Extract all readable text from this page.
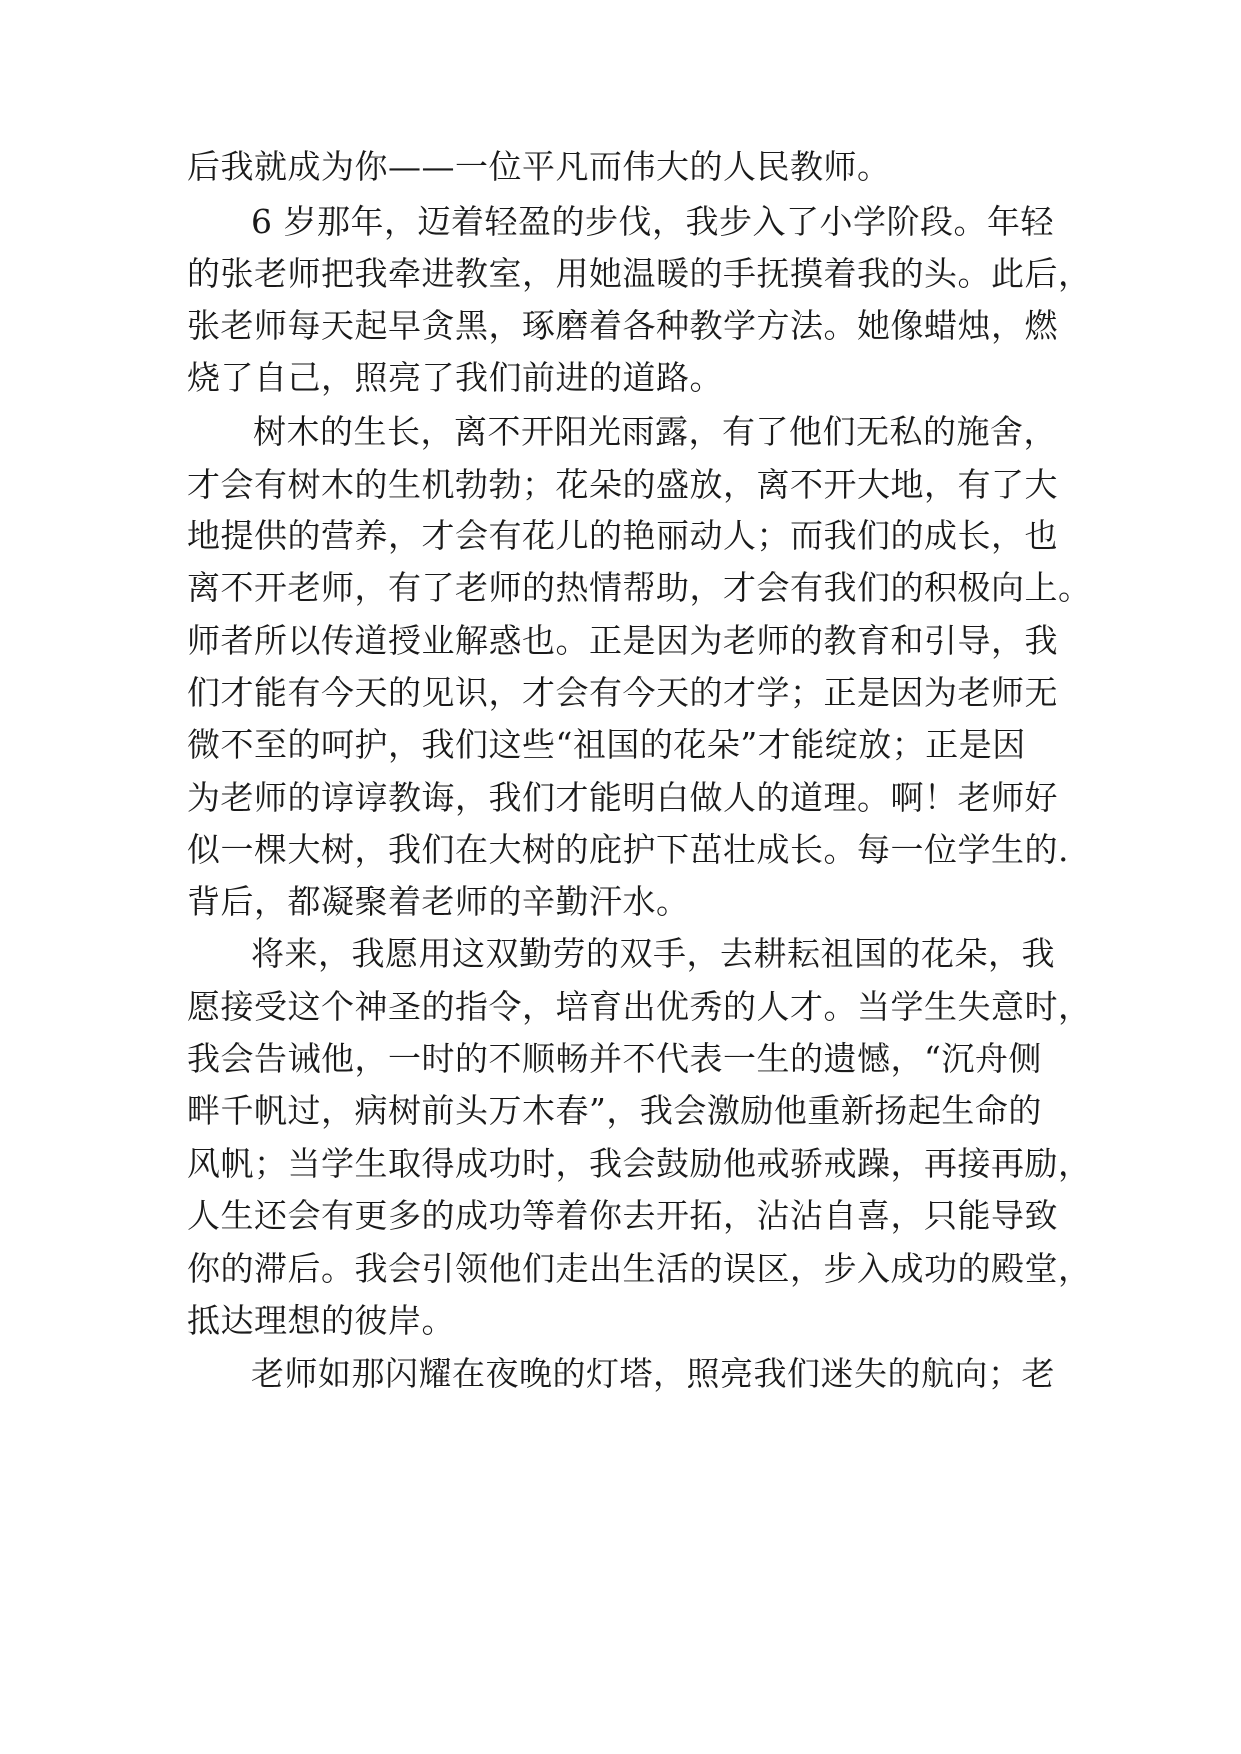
后我就成为你——一位平凡而伟大的人民教师。
6 岁那年，迈着轻盈的步伐，我步入了小学阶段。年轻
的张老师把我牵进教室，用她温暖的手抚摸着我的头。此后，
张老师每天起早贪黑，琢磨着各种教学方法。她像蜡烛，燃
烧了自己，照亮了我们前进的道路。
树木的生长，离不开阳光雨露，有了他们无私的施舍，
才会有树木的生机勃勃；花朵的盛放，离不开大地，有了大
地提供的营养，才会有花儿的艳丽动人；而我们的成长，也
离不开老师，有了老师的热情帮助，才会有我们的积极向上。
师者所以传道授业解惑也。正是因为老师的教育和引导，我
们才能有今天的见识，才会有今天的才学；正是因为老师无
微不至的呵护，我们这些“祖国的花朵”才能绽放；正是因
为老师的谆谆教诲，我们才能明白做人的道理。啊！老师好
似一棵大树，我们在大树的庇护下茁壮成长。每一位学生的.
背后，都凝聚着老师的辛勤汗水。
将来，我愿用这双勤劳的双手，去耕耘祖国的花朵，我
愿接受这个神圣的指令，培育出优秀的人才。当学生失意时，
我会告诫他，一时的不顺畅并不代表一生的遗憾，“沉舟侧
畔千帆过，病树前头万木春”，我会激励他重新扬起生命的
风帆；当学生取得成功时，我会鼓励他戒骄戒躁，再接再励，
人生还会有更多的成功等着你去开拓，沾沾自喜，只能导致
你的滞后。我会引领他们走出生活的误区，步入成功的殿堂，
抵达理想的彼岸。
老师如那闪耀在夜晚的灯塔，照亮我们迷失的航向；老
